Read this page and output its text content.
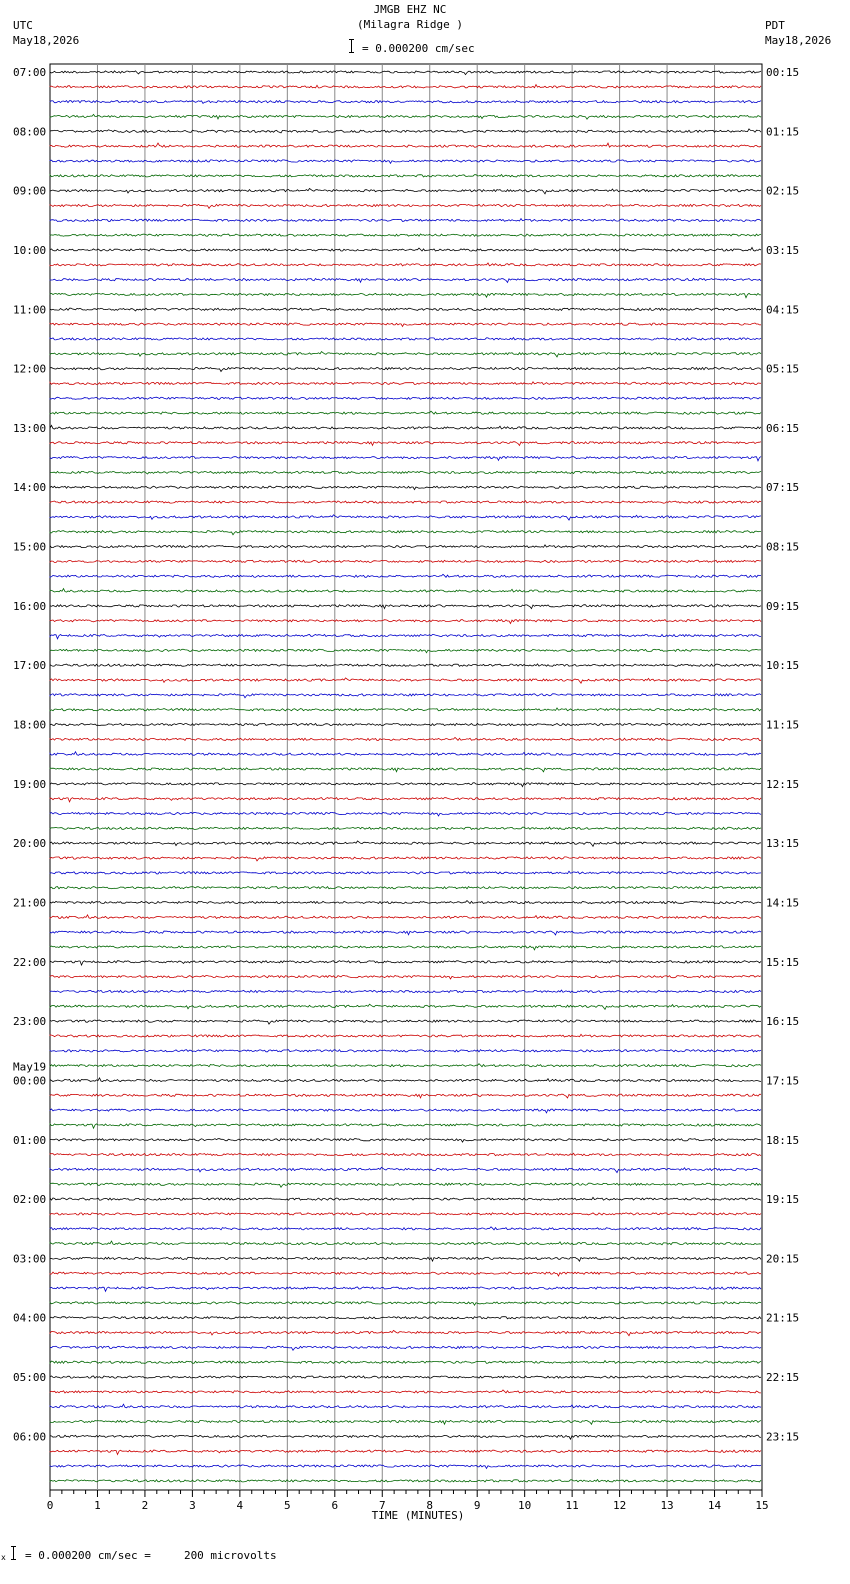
JMGB EHZ NC
(Milagra Ridge )
= 0.000200 cm/sec
UTC
May18,2026
PDT
May18,2026
0	1	2	3	4	5	6	7	8	9	10	11	12	13	14	15
07:00
08:00
09:00
10:00
11:00
12:00
13:00
14:00
15:00
16:00
17:00
18:00
19:00
20:00
21:00
22:00
23:00
00:00
May19
01:00
02:00
03:00
04:00
05:00
06:00
00:15
01:15
02:15
03:15
04:15
05:15
06:15
07:15
08:15
09:15
10:15
11:15
12:15
13:15
14:15
15:15
16:15
17:15
18:15
19:15
20:15
21:15
22:15
23:15
TIME (MINUTES)
x = 0.000200 cm/sec =     200 microvolts
